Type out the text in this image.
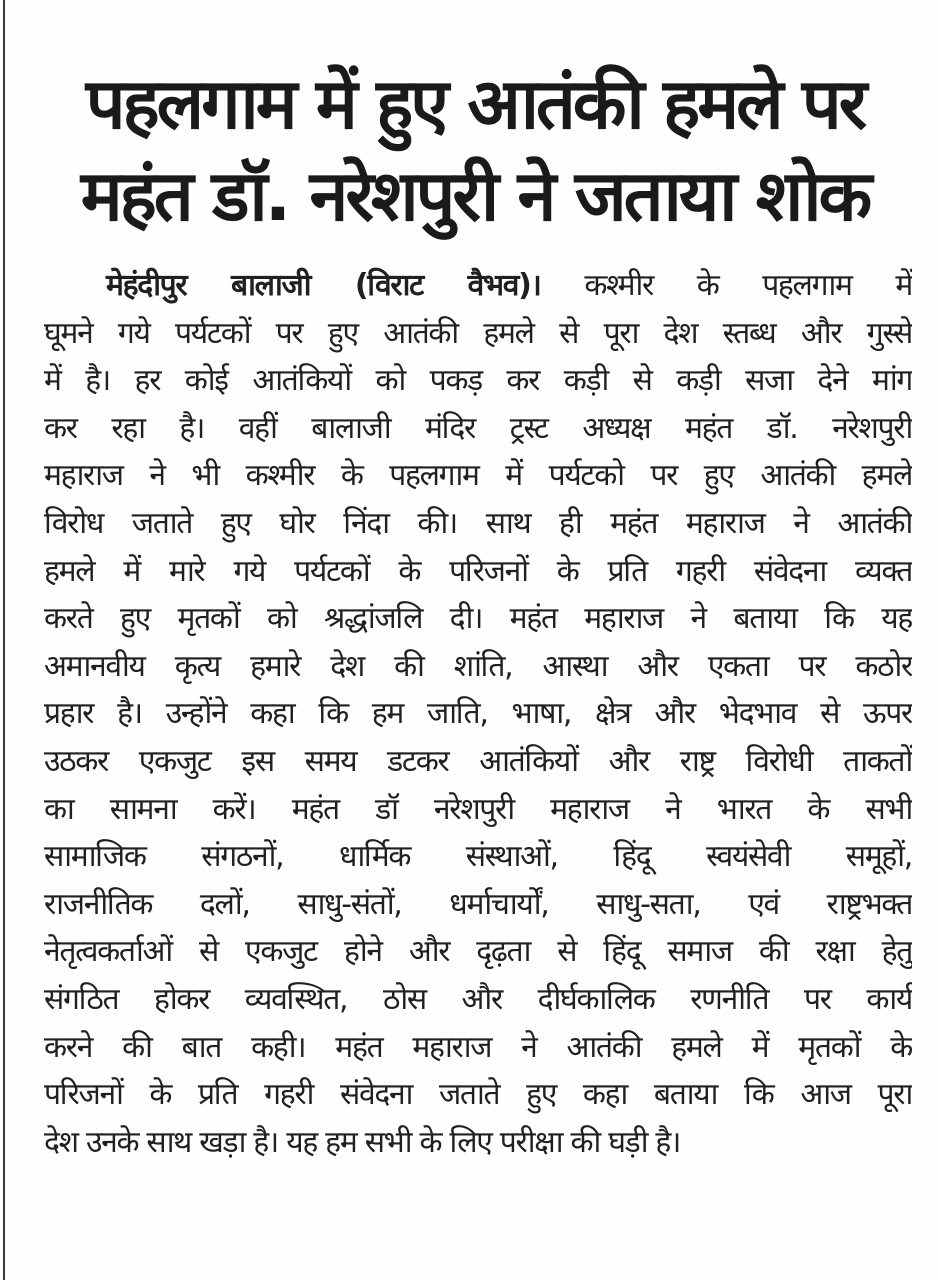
पहलगाम में हुए आतंकी हमले पर
महंत डॉ. नरेशपुरी ने जताया शोक
मेहंदीपुर बालाजी (विराट वैभव)। कश्मीर के पहलगाम में
घूमने गये पर्यटकों पर हुए आतंकी हमले से पूरा देश स्तब्ध और गुस्से
में है। हर कोई आतंकियों को पकड़ कर कड़ी से कड़ी सजा देने मांग
कर रहा है। वहीं बालाजी मंदिर ट्रस्ट अध्यक्ष महंत डॉ. नरेशपुरी
महाराज ने भी कश्मीर के पहलगाम में पर्यटको पर हुए आतंकी हमले
विरोध जताते हुए घोर निंदा की। साथ ही महंत महाराज ने आतंकी
हमले में मारे गये पर्यटकों के परिजनों के प्रति गहरी संवेदना व्यक्त
करते हुए मृतकों को श्रद्धांजलि दी। महंत महाराज ने बताया कि यह
अमानवीय कृत्य हमारे देश की शांति, आस्था और एकता पर कठोर
प्रहार है। उन्होंने कहा कि हम जाति, भाषा, क्षेत्र और भेदभाव से ऊपर
उठकर एकजुट इस समय डटकर आतंकियों और राष्ट्र विरोधी ताकतों
का सामना करें। महंत डॉ नरेशपुरी महाराज ने भारत के सभी
सामाजिक संगठनों, धार्मिक संस्थाओं, हिंदू स्वयंसेवी समूहों,
राजनीतिक दलों, साधु-संतों, धर्माचार्यों, साधु-सता, एवं राष्ट्रभक्त
नेतृत्वकर्ताओं से एकजुट होने और दृढ़ता से हिंदू समाज की रक्षा हेतु
संगठित होकर व्यवस्थित, ठोस और दीर्घकालिक रणनीति पर कार्य
करने की बात कही। महंत महाराज ने आतंकी हमले में मृतकों के
परिजनों के प्रति गहरी संवेदना जताते हुए कहा बताया कि आज पूरा
देश उनके साथ खड़ा है। यह हम सभी के लिए परीक्षा की घड़ी है।
